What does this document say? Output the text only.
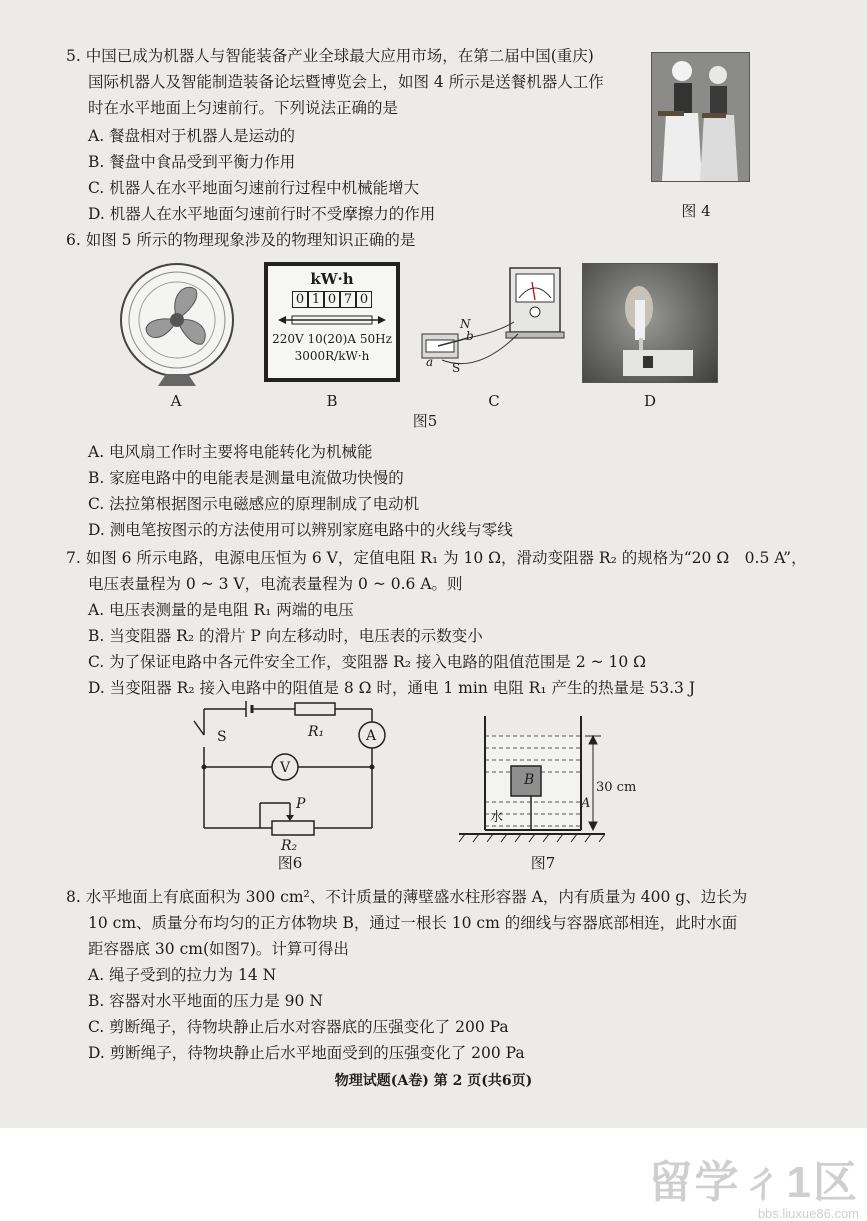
5. 中国已成为机器人与智能装备产业全球最大应用市场，在第二届中国(重庆)
国际机器人及智能制造装备论坛暨博览会上，如图 4 所示是送餐机器人工作
时在水平地面上匀速前行。下列说法正确的是
A. 餐盘相对于机器人是运动的
B. 餐盘中食品受到平衡力作用
C. 机器人在水平地面匀速前行过程中机械能增大
D. 机器人在水平地面匀速前行时不受摩擦力的作用	图 4
6. 如图 5 所示的物理现象涉及的物理知识正确的是
A
kW·h
0 1 0 7 0
220V 10(20)A 50Hz
3000R/kW·h
B
N
b
a S
C	D
图5
A. 电风扇工作时主要将电能转化为机械能
B. 家庭电路中的电能表是测量电流做功快慢的
C. 法拉第根据图示电磁感应的原理制成了电动机
D. 测电笔按图示的方法使用可以辨别家庭电路中的火线与零线
7. 如图 6 所示电路，电源电压恒为 6 V，定值电阻 R₁ 为 10 Ω，滑动变阻器 R₂ 的规格为“20 Ω　0.5 A”，
电压表量程为 0 ~ 3 V，电流表量程为 0 ~ 0.6 A。则
A. 电压表测量的是电阻 R₁ 两端的电压
B. 当变阻器 R₂ 的滑片 P 向左移动时，电压表的示数变小
C. 为了保证电路中各元件安全工作，变阻器 R₂ 接入电路的阻值范围是 2 ~ 10 Ω
D. 当变阻器 R₂ 接入电路中的阻值是 8 Ω 时，通电 1 min 电阻 R₁ 产生的热量是 53.3 J
S	R₁	A
V
P
R₂
图6
B
水
30 cm
A
图7
8. 水平地面上有底面积为 300 cm²、不计质量的薄壁盛水柱形容器 A，内有质量为 400 g、边长为
10 cm、质量分布均匀的正方体物块 B，通过一根长 10 cm 的细线与容器底部相连，此时水面
距容器底 30 cm(如图7)。计算可得出
A. 绳子受到的拉力为 14 N
B. 容器对水平地面的压力是 90 N
C. 剪断绳子，待物块静止后水对容器底的压强变化了 200 Pa
D. 剪断绳子，待物块静止后水平地面受到的压强变化了 200 Pa
物理试题(A卷) 第 2 页(共6页)
留学ㄔ1区
bbs.liuxue86.com
